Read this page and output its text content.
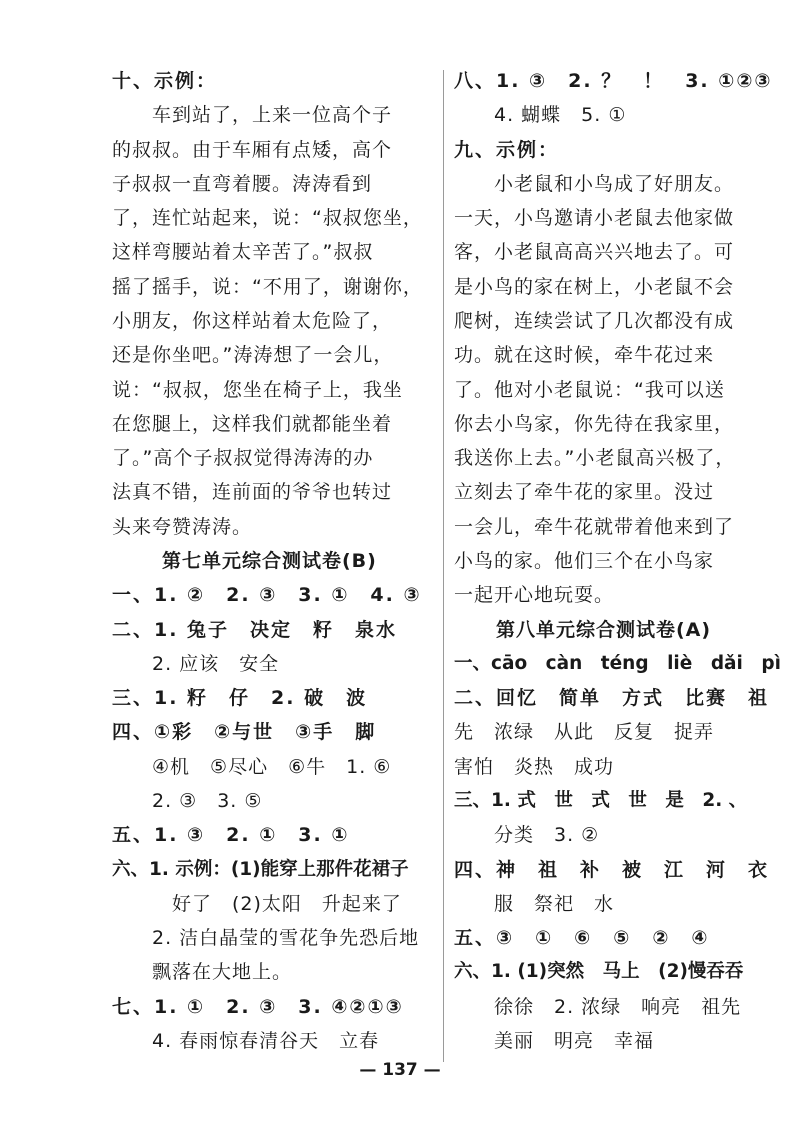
十、示例：
　　车到站了，上来一位高个子
的叔叔。由于车厢有点矮，高个
子叔叔一直弯着腰。涛涛看到
了，连忙站起来，说：“叔叔您坐，
这样弯腰站着太辛苦了。”叔叔
摇了摇手，说：“不用了，谢谢你，
小朋友，你这样站着太危险了，
还是你坐吧。”涛涛想了一会儿，
说：“叔叔，您坐在椅子上，我坐
在您腿上，这样我们就都能坐着
了。”高个子叔叔觉得涛涛的办
法真不错，连前面的爷爷也转过
头来夸赞涛涛。
第七单元综合测试卷(B)
一、1. ②　2. ③　3. ①　4. ③
二、1. 兔子　决定　籽　泉水
　　2. 应该　安全
三、1. 籽　仔　2. 破　波
四、①彩　②与世　③手　脚
　　④机　⑤尽心　⑥牛　1. ⑥
　　2. ③　3. ⑤
五、1. ③　2. ①　3. ①
六、1. 示例：(1)能穿上那件花裙子
　　　好了　(2)太阳　升起来了
　　2. 洁白晶莹的雪花争先恐后地
　　飘落在大地上。
七、1. ①　2. ③　3. ④②①③
　　4. 春雨惊春清谷天　立春
八、1. ③　2. ？　！　3. ①②③
　　4. 蝴蝶　5. ①
九、示例：
　　小老鼠和小鸟成了好朋友。
一天，小鸟邀请小老鼠去他家做
客，小老鼠高高兴兴地去了。可
是小鸟的家在树上，小老鼠不会
爬树，连续尝试了几次都没有成
功。就在这时候，牵牛花过来
了。他对小老鼠说：“我可以送
你去小鸟家，你先待在我家里，
我送你上去。”小老鼠高兴极了，
立刻去了牵牛花的家里。没过
一会儿，牵牛花就带着他来到了
小鸟的家。他们三个在小鸟家
一起开心地玩耍。
第八单元综合测试卷(A)
一、cāo　càn　téng　liè　dǎi　pì
二、回忆　简单　方式　比赛　祖
先　浓绿　从此　反复　捉弄
害怕　炎热　成功
三、1. 式　世　式　世　是　2. 、
　　分类　3. ②
四、神　祖　补　被　江　河　衣
　　服　祭祀　水
五、③　①　⑥　⑤　②　④
六、1. (1)突然　马上　(2)慢吞吞
　　徐徐　2. 浓绿　响亮　祖先
　　美丽　明亮　幸福
— 137 —
